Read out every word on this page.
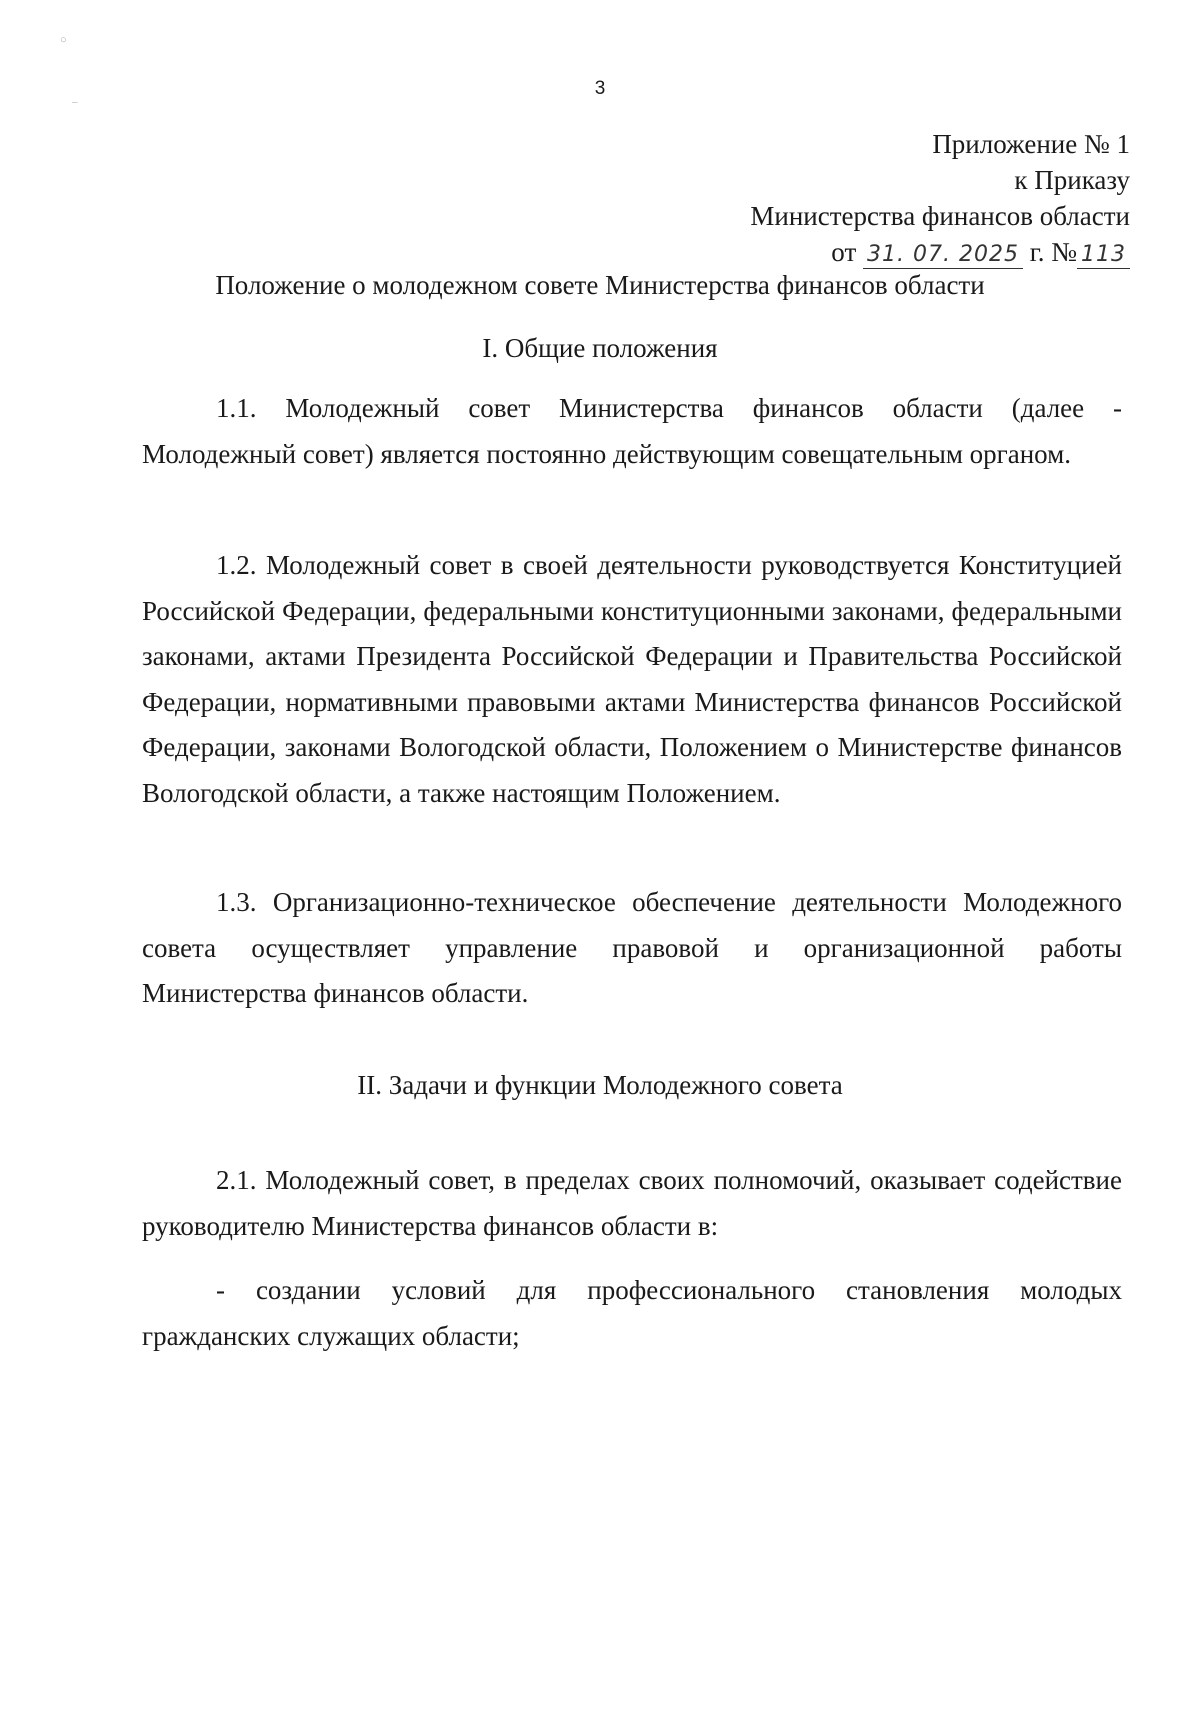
○
‒
3
Приложение № 1
к Приказу
Министерства финансов области
от 31. 07. 2025 г. № 113
Положение о молодежном совете Министерства финансов области
I. Общие положения
1.1. Молодежный совет Министерства финансов области (далее - Молодежный совет) является постоянно действующим совещательным органом.
1.2. Молодежный совет в своей деятельности руководствуется Конституцией Российской Федерации, федеральными конституционными законами, федеральными законами, актами Президента Российской Федерации и Правительства Российской Федерации, нормативными правовыми актами Министерства финансов Российской Федерации, законами Вологодской области, Положением о Министерстве финансов Вологодской области, а также настоящим Положением.
1.3. Организационно-техническое обеспечение деятельности Молодежного совета осуществляет управление правовой и организационной работы Министерства финансов области.
II. Задачи и функции Молодежного совета
2.1. Молодежный совет, в пределах своих полномочий, оказывает содействие руководителю Министерства финансов области в:
- создании условий для профессионального становления молодых гражданских служащих области;
